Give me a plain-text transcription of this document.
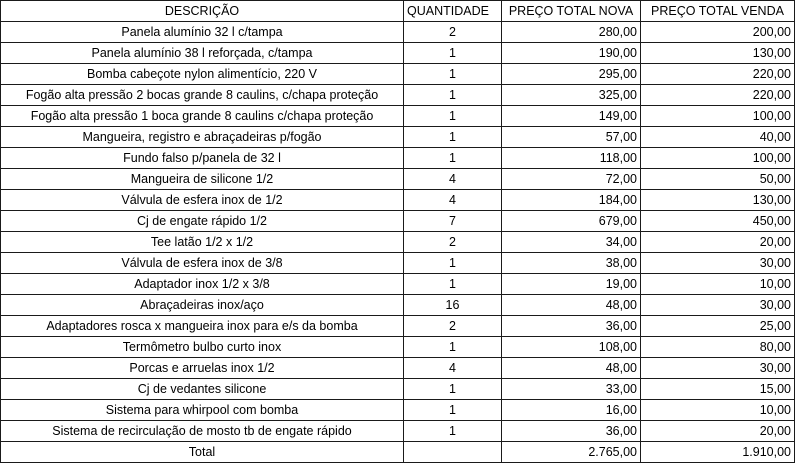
DESCRIÇÃO	QUANTIDADE	PREÇO TOTAL NOVA	PREÇO TOTAL VENDA
Panela alumínio 32 l c/tampa	2	280,00	200,00
Panela alumínio 38 l reforçada, c/tampa	1	190,00	130,00
Bomba cabeçote nylon alimentício, 220 V	1	295,00	220,00
Fogão alta pressão 2 bocas grande 8 caulins, c/chapa proteção	1	325,00	220,00
Fogão alta pressão 1 boca grande 8 caulins c/chapa proteção	1	149,00	100,00
Mangueira, registro e abraçadeiras p/fogão	1	57,00	40,00
Fundo falso p/panela de 32 l	1	118,00	100,00
Mangueira de silicone 1/2	4	72,00	50,00
Válvula de esfera inox de 1/2	4	184,00	130,00
Cj de engate rápido 1/2	7	679,00	450,00
Tee latão 1/2 x 1/2	2	34,00	20,00
Válvula de esfera inox de 3/8	1	38,00	30,00
Adaptador inox 1/2 x 3/8	1	19,00	10,00
Abraçadeiras inox/aço	16	48,00	30,00
Adaptadores rosca x mangueira inox para e/s da bomba	2	36,00	25,00
Termômetro bulbo curto inox	1	108,00	80,00
Porcas e arruelas inox 1/2	4	48,00	30,00
Cj de vedantes silicone	1	33,00	15,00
Sistema para whirpool com bomba	1	16,00	10,00
Sistema de recirculação de mosto tb de engate rápido	1	36,00	20,00
Total		2.765,00	1.910,00
